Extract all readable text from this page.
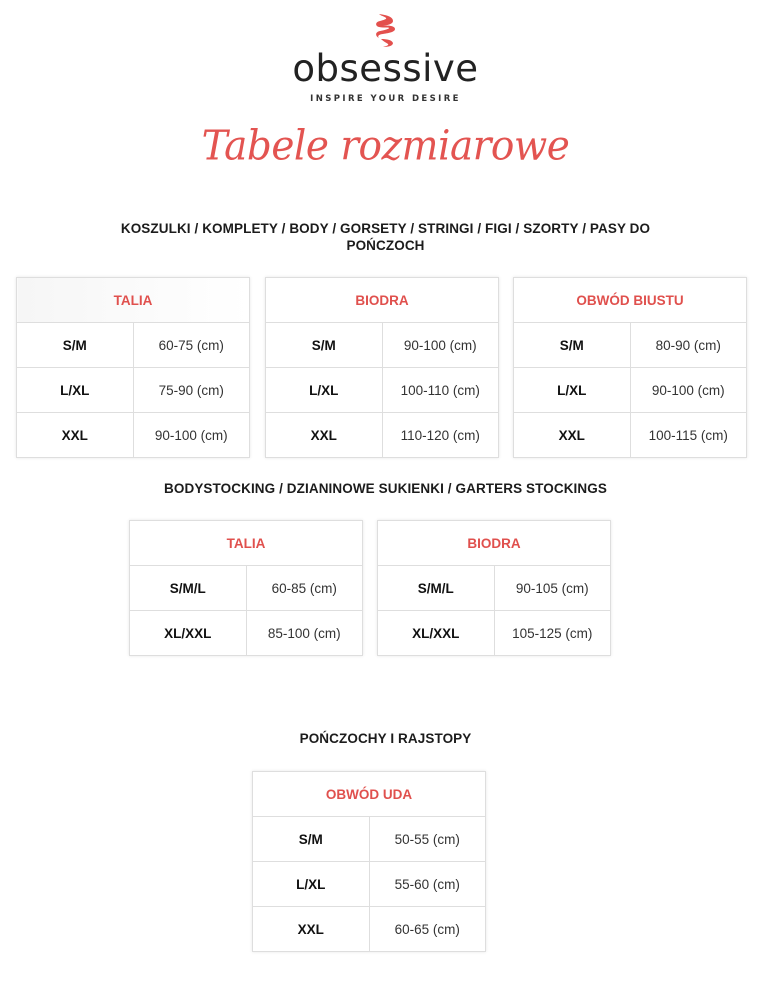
obsessive
INSPIRE YOUR DESIRE
Tabele rozmiarowe
KOSZULKI / KOMPLETY / BODY / GORSETY / STRINGI / FIGI / SZORTY / PASY DO POŃCZOCH
TALIA	
S/M	60-75 (cm)
L/XL	75-90 (cm)
XXL	90-100 (cm)
BIODRA	
S/M	90-100 (cm)
L/XL	100-110 (cm)
XXL	110-120 (cm)
OBWÓD BIUSTU	
S/M	80-90 (cm)
L/XL	90-100 (cm)
XXL	100-115 (cm)
BODYSTOCKING / DZIANINOWE SUKIENKI / GARTERS STOCKINGS
TALIA	
S/M/L	60-85 (cm)
XL/XXL	85-100 (cm)
BIODRA	
S/M/L	90-105 (cm)
XL/XXL	105-125 (cm)
POŃCZOCHY I RAJSTOPY
OBWÓD UDA	
S/M	50-55 (cm)
L/XL	55-60 (cm)
XXL	60-65 (cm)
